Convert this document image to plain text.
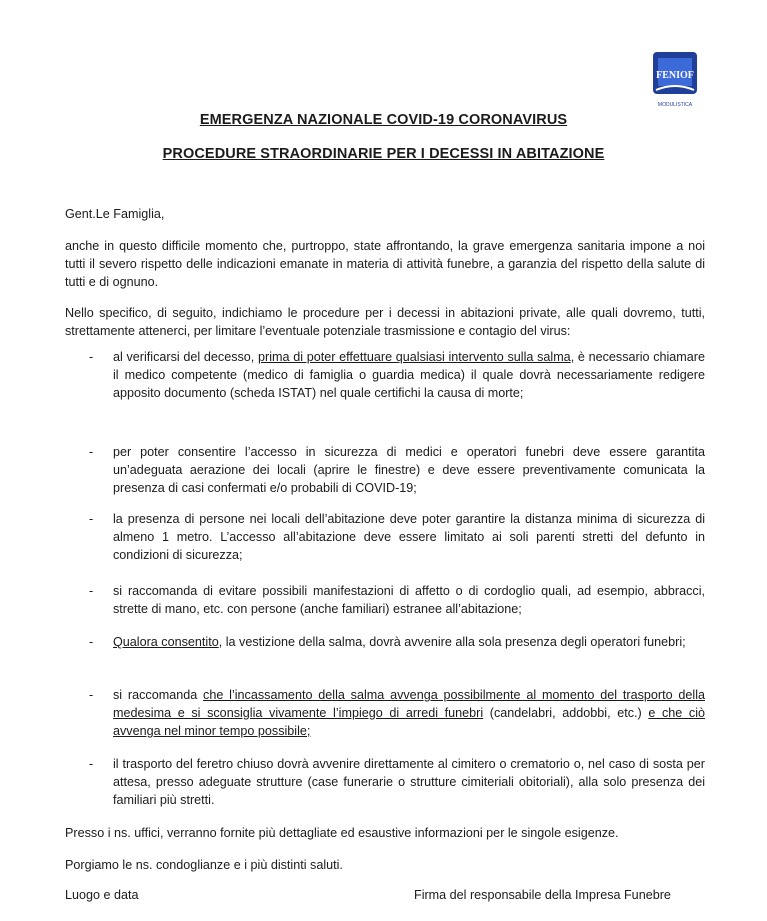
FENIOF
MODULISTICA
EMERGENZA NAZIONALE COVID-19 CORONAVIRUS
PROCEDURE STRAORDINARIE PER I DECESSI IN ABITAZIONE
Gent.Le Famiglia,
anche in questo difficile momento che, purtroppo, state affrontando, la grave emergenza sanitaria impone a noi tutti il severo rispetto delle indicazioni emanate in materia di attività funebre, a garanzia del rispetto della salute di tutti e di ognuno.
Nello specifico, di seguito, indichiamo le procedure per i decessi in abitazioni private, alle quali dovremo, tutti, strettamente attenerci, per limitare l’eventuale potenziale trasmissione e contagio del virus:
- al verificarsi del decesso, prima di poter effettuare qualsiasi intervento sulla salma, è necessario chiamare il medico competente (medico di famiglia o guardia medica) il quale dovrà necessariamente redigere apposito documento (scheda ISTAT) nel quale certifichi la causa di morte;
- per poter consentire l’accesso in sicurezza di medici e operatori funebri deve essere garantita un’adeguata aerazione dei locali (aprire le finestre) e deve essere preventivamente comunicata la presenza di casi confermati e/o probabili di COVID-19;
- la presenza di persone nei locali dell’abitazione deve poter garantire la distanza minima di sicurezza di almeno 1 metro. L’accesso all’abitazione deve essere limitato ai soli parenti stretti del defunto in condizioni di sicurezza;
- si raccomanda di evitare possibili manifestazioni di affetto o di cordoglio quali, ad esempio, abbracci, strette di mano, etc. con persone (anche familiari) estranee all’abitazione;
- Qualora consentito, la vestizione della salma, dovrà avvenire alla sola presenza degli operatori funebri;
- si raccomanda che l’incassamento della salma avvenga possibilmente al momento del trasporto della medesima e si sconsiglia vivamente l’impiego di arredi funebri (candelabri, addobbi, etc.) e che ciò avvenga nel minor tempo possibile;
- il trasporto del feretro chiuso dovrà avvenire direttamente al cimitero o crematorio o, nel caso di sosta per attesa, presso adeguate strutture (case funerarie o strutture cimiteriali obitoriali), alla solo presenza dei familiari più stretti.
Presso i ns. uffici, verranno fornite più dettagliate ed esaustive informazioni per le singole esigenze.
Porgiamo le ns. condoglianze e i più distinti saluti.
Luogo e data	Firma del responsabile della Impresa Funebre
